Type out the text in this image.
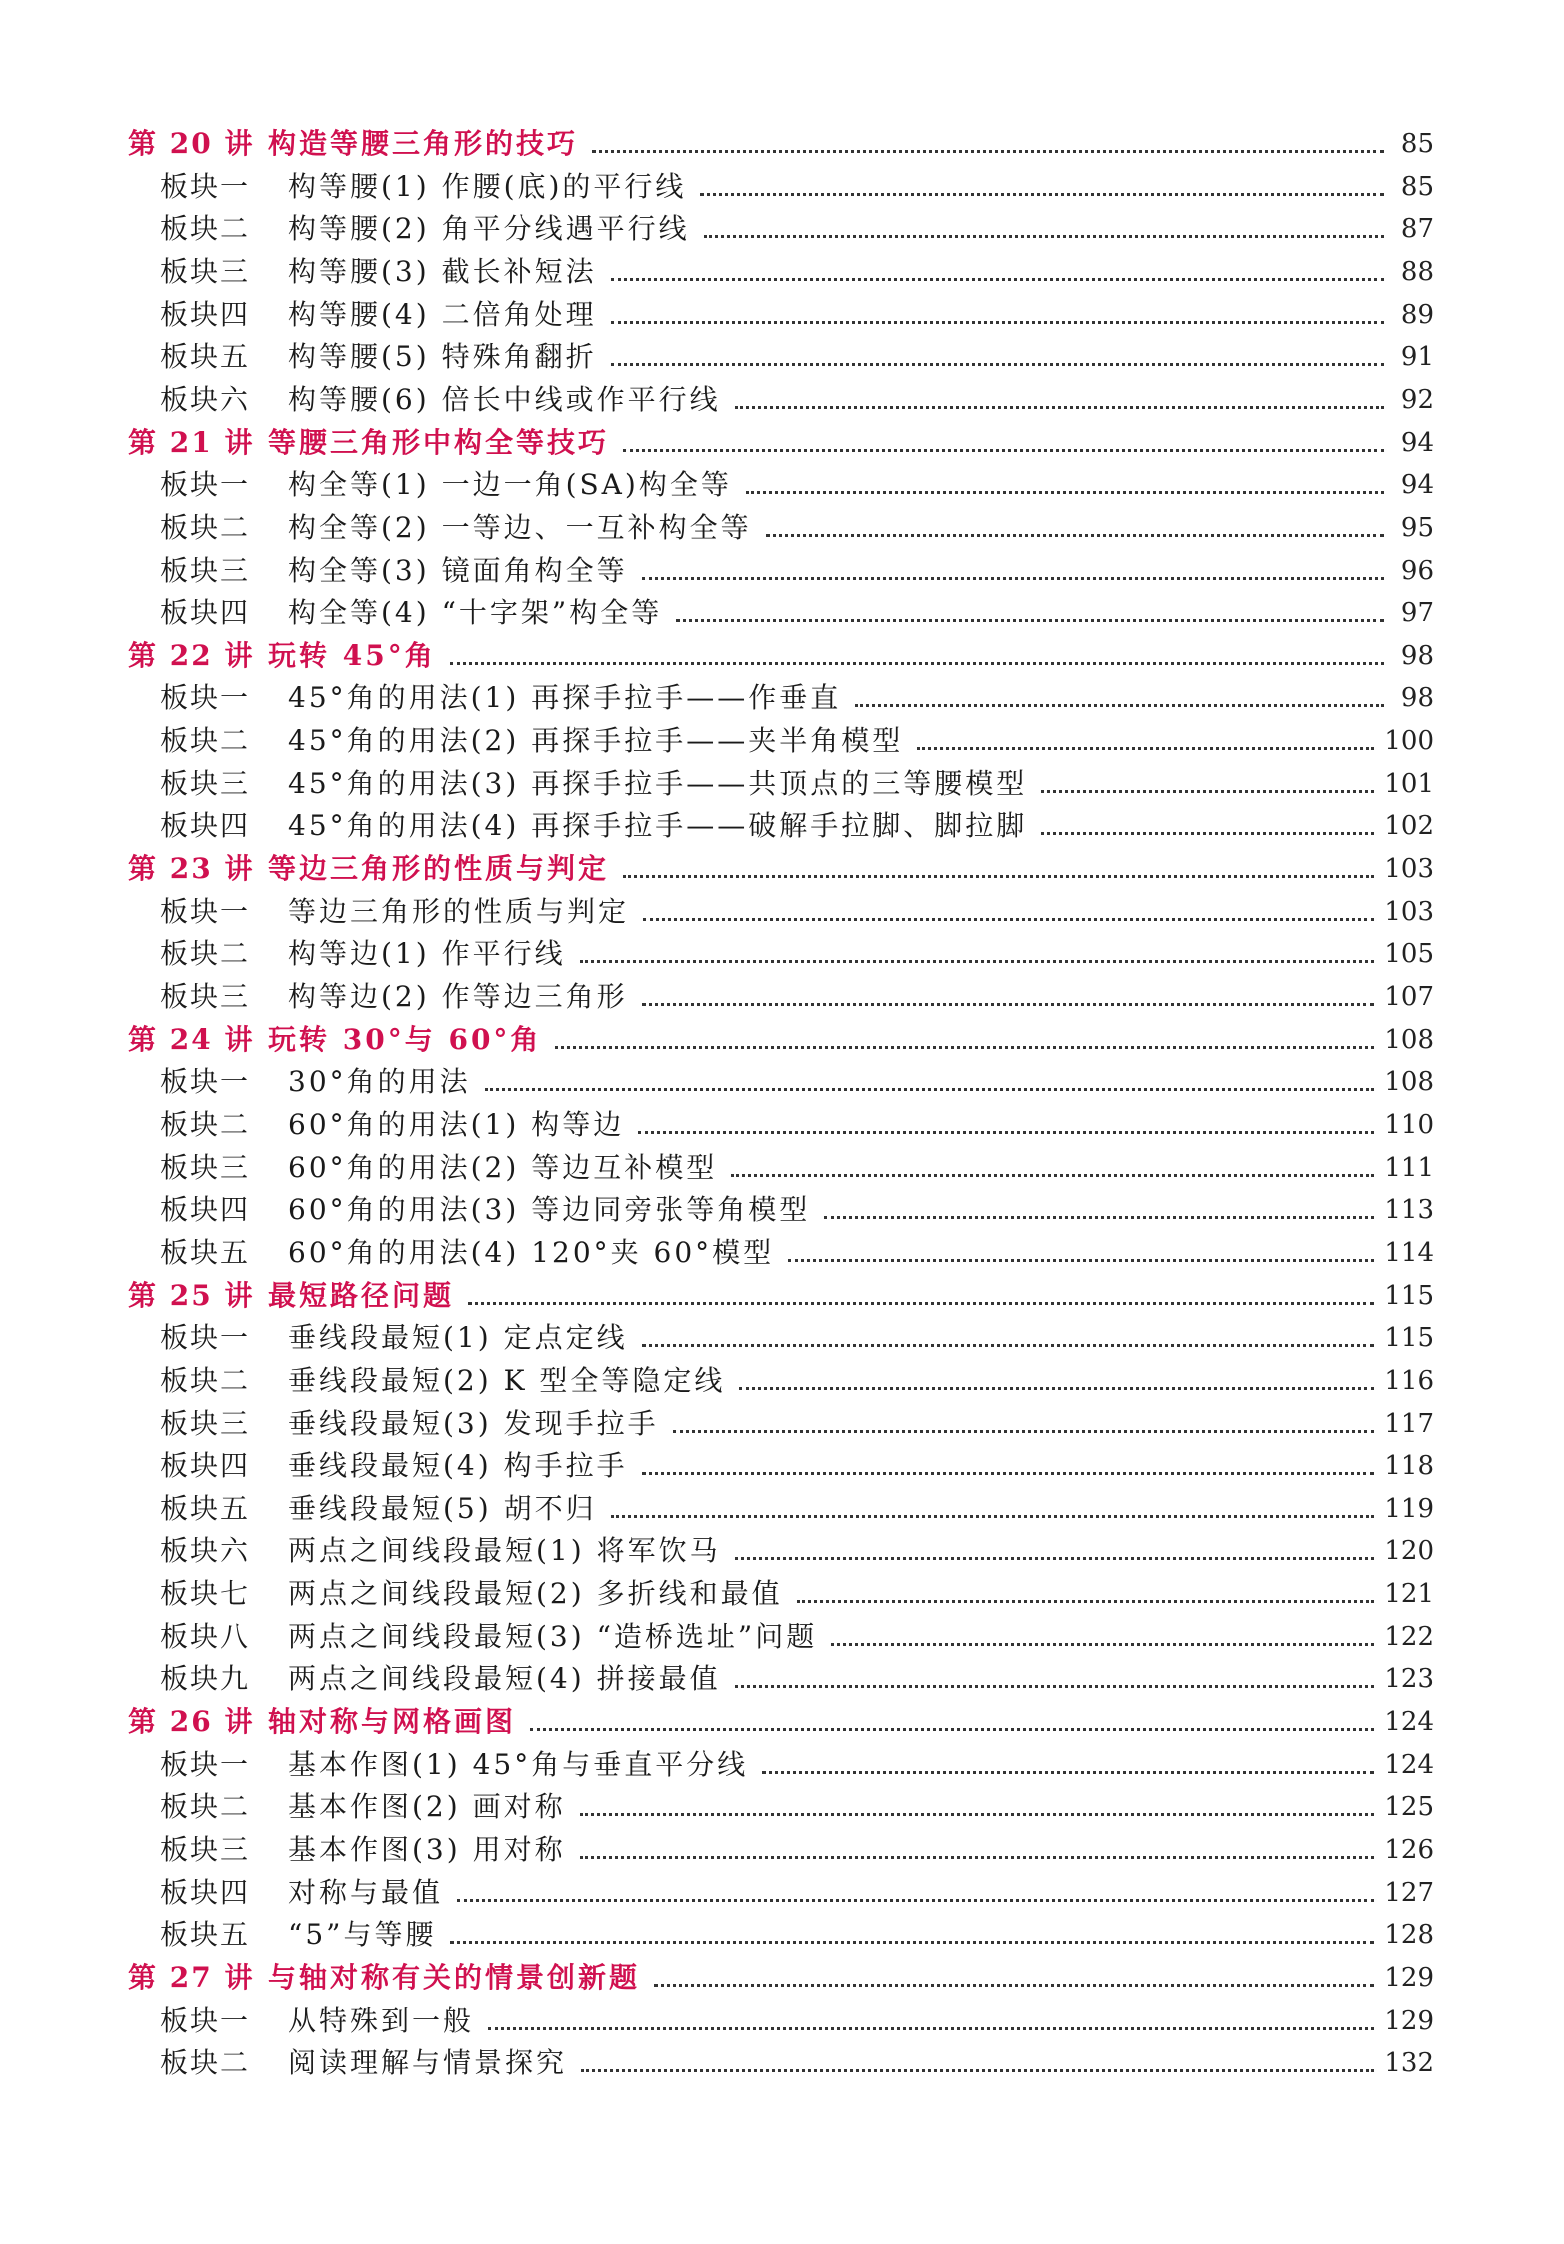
第 20 讲 构造等腰三角形的技巧	85
板块一	构等腰(1) 作腰(底)的平行线	85
板块二	构等腰(2) 角平分线遇平行线	87
板块三	构等腰(3) 截长补短法	88
板块四	构等腰(4) 二倍角处理	89
板块五	构等腰(5) 特殊角翻折	91
板块六	构等腰(6) 倍长中线或作平行线	92
第 21 讲 等腰三角形中构全等技巧	94
板块一	构全等(1) 一边一角(SA)构全等	94
板块二	构全等(2) 一等边、一互补构全等	95
板块三	构全等(3) 镜面角构全等	96
板块四	构全等(4) “十字架”构全等	97
第 22 讲 玩转 45°角	98
板块一	45°角的用法(1) 再探手拉手——作垂直	98
板块二	45°角的用法(2) 再探手拉手——夹半角模型	100
板块三	45°角的用法(3) 再探手拉手——共顶点的三等腰模型	101
板块四	45°角的用法(4) 再探手拉手——破解手拉脚、脚拉脚	102
第 23 讲 等边三角形的性质与判定	103
板块一	等边三角形的性质与判定	103
板块二	构等边(1) 作平行线	105
板块三	构等边(2) 作等边三角形	107
第 24 讲 玩转 30°与 60°角	108
板块一	30°角的用法	108
板块二	60°角的用法(1) 构等边	110
板块三	60°角的用法(2) 等边互补模型	111
板块四	60°角的用法(3) 等边同旁张等角模型	113
板块五	60°角的用法(4) 120°夹 60°模型	114
第 25 讲 最短路径问题	115
板块一	垂线段最短(1) 定点定线	115
板块二	垂线段最短(2) K 型全等隐定线	116
板块三	垂线段最短(3) 发现手拉手	117
板块四	垂线段最短(4) 构手拉手	118
板块五	垂线段最短(5) 胡不归	119
板块六	两点之间线段最短(1) 将军饮马	120
板块七	两点之间线段最短(2) 多折线和最值	121
板块八	两点之间线段最短(3) “造桥选址”问题	122
板块九	两点之间线段最短(4) 拼接最值	123
第 26 讲 轴对称与网格画图	124
板块一	基本作图(1) 45°角与垂直平分线	124
板块二	基本作图(2) 画对称	125
板块三	基本作图(3) 用对称	126
板块四	对称与最值	127
板块五	“5”与等腰	128
第 27 讲 与轴对称有关的情景创新题	129
板块一	从特殊到一般	129
板块二	阅读理解与情景探究	132
